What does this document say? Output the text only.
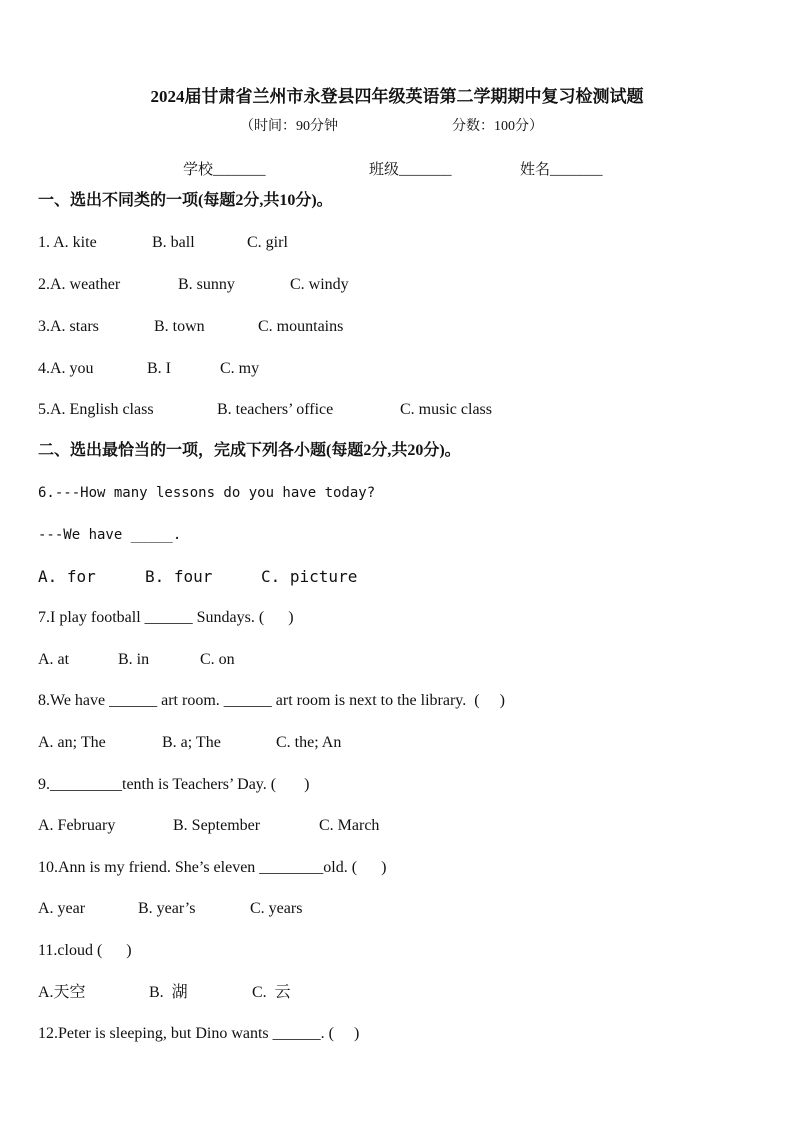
2024届甘肃省兰州市永登县四年级英语第二学期期中复习检测试题
（时间：90分钟	分数：100分）
学校_______	班级_______	姓名_______
一、选出不同类的一项(每题2分,共10分)。
1. A. kite	B. ball	C. girl
2.A. weather	B. sunny	C. windy
3.A. stars	B. town	C. mountains
4.A. you	B. I	C. my
5.A. English class	B. teachers’ office	C. music class
二、选出最恰当的一项，完成下列各小题(每题2分,共20分)。
6.---How many lessons do you have today?
---We have _____.
A. for	B. four	C. picture
7.I play football ______ Sundays. (      )
A. at	B. in	C. on
8.We have ______ art room. ______ art room is next to the library.  (     )
A. an; The	B. a; The	C. the; An
9._________tenth is Teachers’ Day. (       )
A. February	B. September	C. March
10.Ann is my friend. She’s eleven ________old. (      )
A. year	B. year’s	C. years
11.cloud (      )
A.天空	B.  湖	C.  云
12.Peter is sleeping, but Dino wants ______. (     )
